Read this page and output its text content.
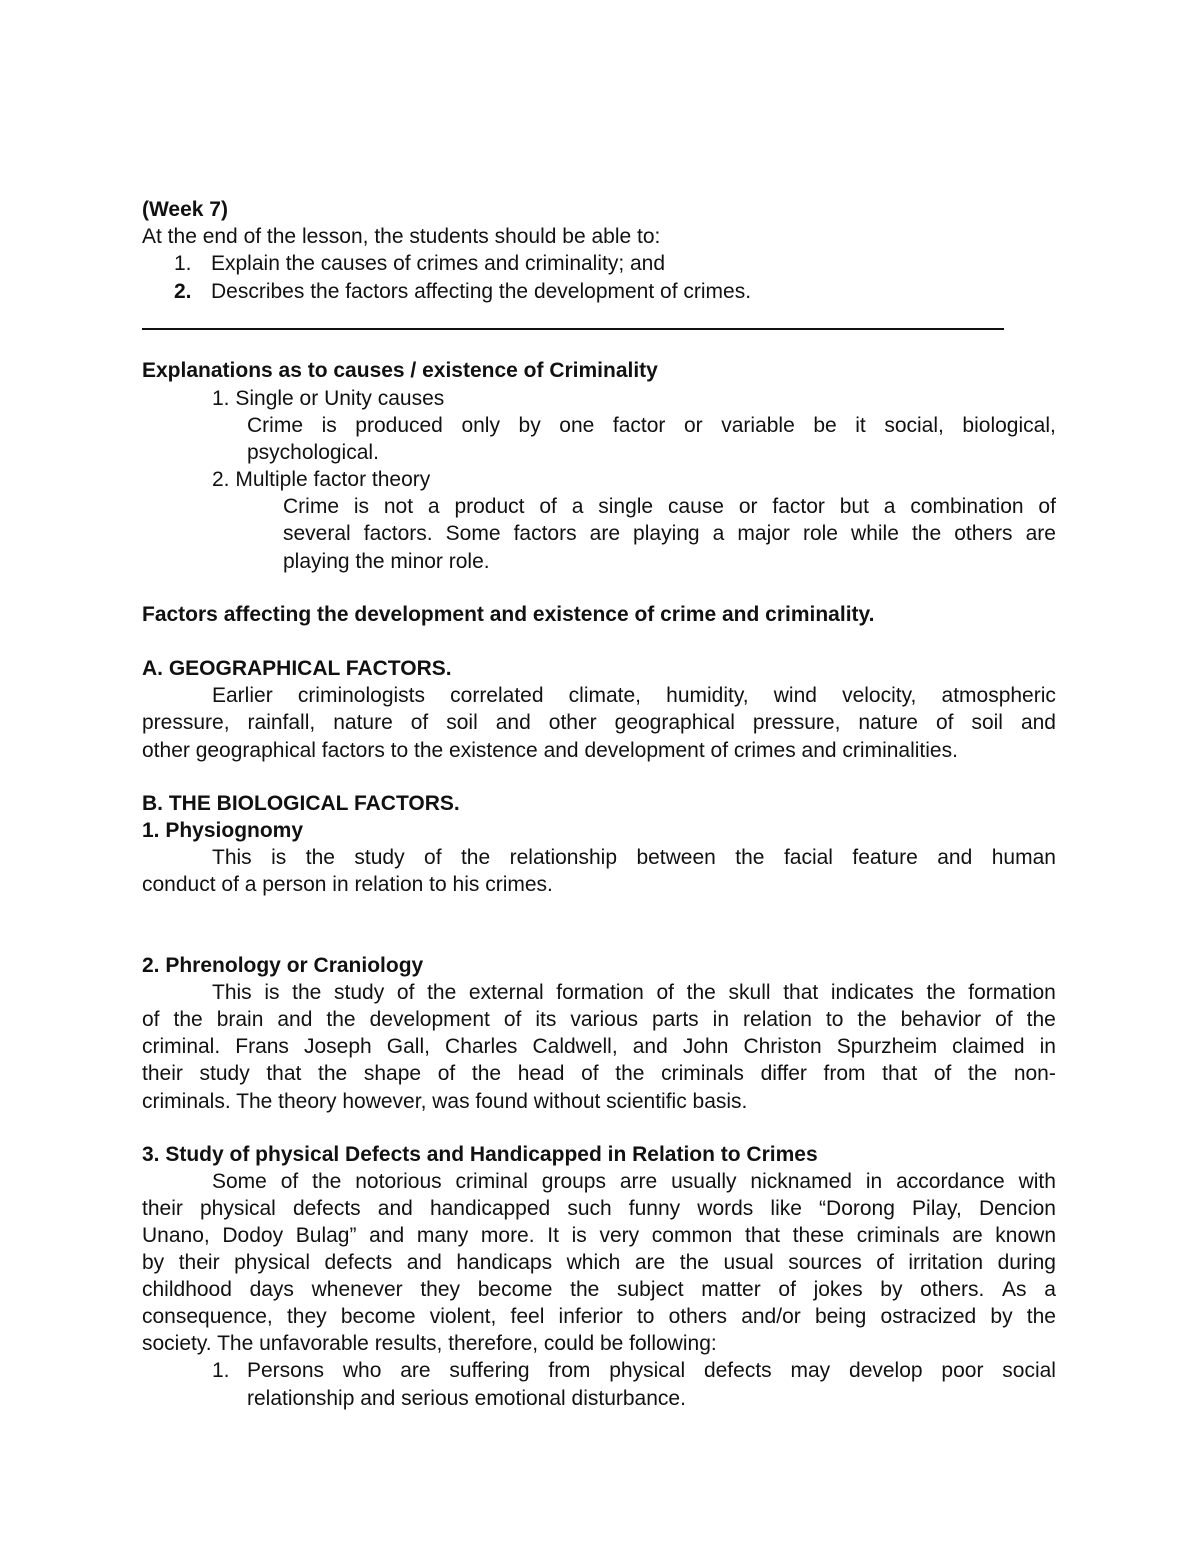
(Week 7)
At the end of the lesson, the students should be able to:
1. Explain the causes of crimes and criminality; and
2. Describes the factors affecting the development of crimes.
Explanations as to causes / existence of Criminality
1. Single or Unity causes
Crime is produced only by one factor or variable be it social, biological,
psychological.
2. Multiple factor theory
Crime is not a product of a single cause or factor but a combination of
several factors. Some factors are playing a major role while the others are
playing the minor role.
Factors affecting the development and existence of crime and criminality.
A. GEOGRAPHICAL FACTORS.
Earlier criminologists correlated climate, humidity, wind velocity, atmospheric
pressure, rainfall, nature of soil and other geographical pressure, nature of soil and
other geographical factors to the existence and development of crimes and criminalities.
B. THE BIOLOGICAL FACTORS.
1. Physiognomy
This is the study of the relationship between the facial feature and human
conduct of a person in relation to his crimes.
2. Phrenology or Craniology
This is the study of the external formation of the skull that indicates the formation
of the brain and the development of its various parts in relation to the behavior of the
criminal. Frans Joseph Gall, Charles Caldwell, and John Christon Spurzheim claimed in
their study that the shape of the head of the criminals differ from that of the non-
criminals. The theory however, was found without scientific basis.
3. Study of physical Defects and Handicapped in Relation to Crimes
Some of the notorious criminal groups arre usually nicknamed in accordance with
their physical defects and handicapped such funny words like “Dorong Pilay, Dencion
Unano, Dodoy Bulag” and many more. It is very common that these criminals are known
by their physical defects and handicaps which are the usual sources of irritation during
childhood days whenever they become the subject matter of jokes by others. As a
consequence, they become violent, feel inferior to others and/or being ostracized by the
society. The unfavorable results, therefore, could be following:
1. Persons who are suffering from physical defects may develop poor social
relationship and serious emotional disturbance.
